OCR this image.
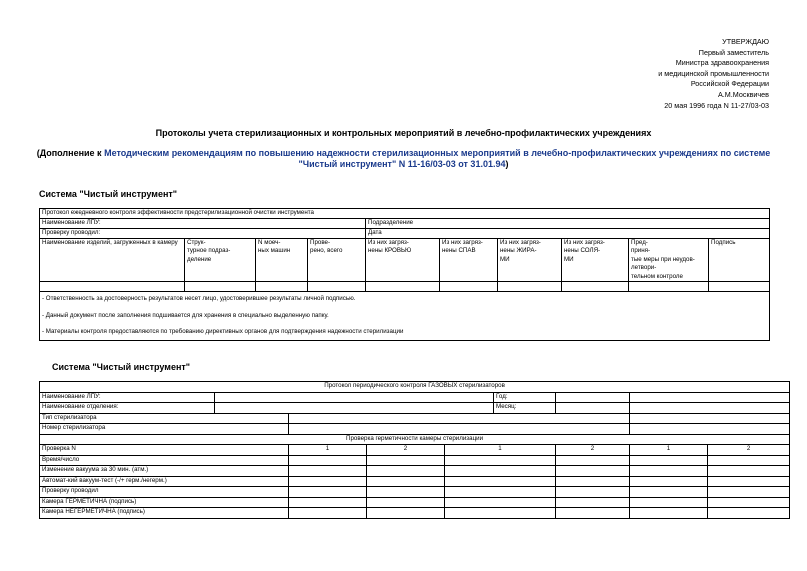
УТВЕРЖДАЮ
Первый заместитель
Министра здравоохранения
и медицинской промышленности
Российской Федерации
А.М.Москвичев
20 мая 1996 года N 11-27/03-03
Протоколы учета стерилизационных и контрольных мероприятий в лечебно-профилактических учреждениях
(Дополнение к Методическим рекомендациям по повышению надежности стерилизационных мероприятий в лечебно-профилактических учреждениях по системе "Чистый инструмент" N 11-16/03-03 от 31.01.94)
Система "Чистый инструмент"
Протокол ежедневного контроля эффективности предстерилизационной очистки инструмента									
Наименование ЛПУ:				Подразделение					
Проверку проводил:				Дата					
Наименование изделий, загруженных в камеру	Струк-
турное подраз-
деление	N моеч-
ных машин	Прове-
рено, всего	Из них загряз-
нены КРОВЬЮ	Из них загряз-
нены СПАВ	Из них загряз-
нены ЖИРА-
МИ	Из них загряз-
нены СОЛЯ-
МИ	Пред-
приня-
тые меры при неудов-
летвори-
тельном контроле	Подпись

- Ответственность за достоверность результатов несет лицо, удостоверившее результаты личной подписью.
- Данный документ после заполнения подшивается для хранения в специально выделенную папку.
- Материалы контроля предоставляются по требованию директивных органов для подтверждения надежности стерилизации									
Система "Чистый инструмент"
Протокол периодического контроля ГАЗОВЫХ стерилизаторов								
Наименование ЛПУ:					Год:			
Наименование отделения:					Месяц:			
Тип стерилизатора								
Номер стерилизатора								
Проверка герметичности камеры стерилизации								
Проверка N		1	2	1		2	1	2
Время/число								
Изменение вакуума за 30 мин. (атм.)								
Автомат-кий вакуум-тест (-/+ герм./негерм.)								
Проверку проводил								
Камера ГЕРМЕТИЧНА (подпись)								
Камера НЕГЕРМЕТИЧНА (подпись)								
